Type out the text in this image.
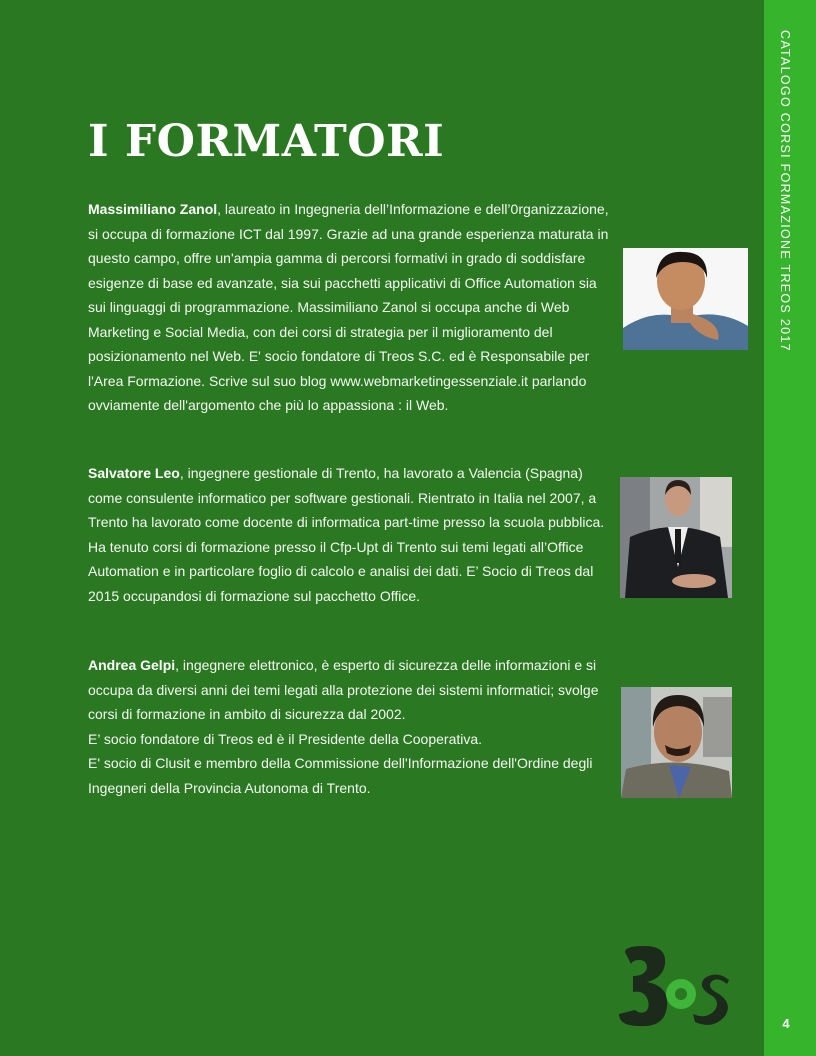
CATALOGO CORSI FORMAZIONE TREOS 2017
4
I FORMATORI

Massimiliano Zanol, laureato in Ingegneria dell’Informazione e dell’0rganizzazione, si occupa di formazione ICT dal 1997. Grazie ad una grande esperienza maturata in questo campo, offre un'ampia gamma di percorsi formativi in grado di soddisfare esigenze di base ed avanzate, sia sui pacchetti applicativi di Office Automation sia sui linguaggi di programmazione. Massimiliano Zanol si occupa anche di Web Marketing e Social Media, con dei corsi di strategia per il miglioramento del posizionamento nel Web. E' socio fondatore di Treos S.C. ed è Responsabile per l'Area Formazione. Scrive sul suo blog www.webmarketingessenziale.it parlando ovviamente dell'argomento che più lo appassiona : il Web.

Salvatore Leo, ingegnere gestionale di Trento, ha lavorato a Valencia (Spagna) come consulente informatico per software gestionali. Rientrato in Italia nel 2007, a Trento ha lavorato come docente di informatica part-time presso la scuola pubblica. Ha tenuto corsi di formazione presso il Cfp-Upt di Trento sui temi legati all’Office Automation e in particolare foglio di calcolo e analisi dei dati. E’ Socio di Treos dal 2015 occupandosi di formazione sul pacchetto Office.

Andrea Gelpi, ingegnere elettronico, è esperto di sicurezza delle informazioni e si occupa da diversi anni dei temi legati alla protezione dei sistemi informatici; svolge corsi di formazione in ambito di sicurezza dal 2002.
E’ socio fondatore di Treos ed è il Presidente della Cooperativa.
E' socio di Clusit e membro della Commissione dell'Informazione dell'Ordine degli Ingegneri della Provincia Autonoma di Trento.

3os
